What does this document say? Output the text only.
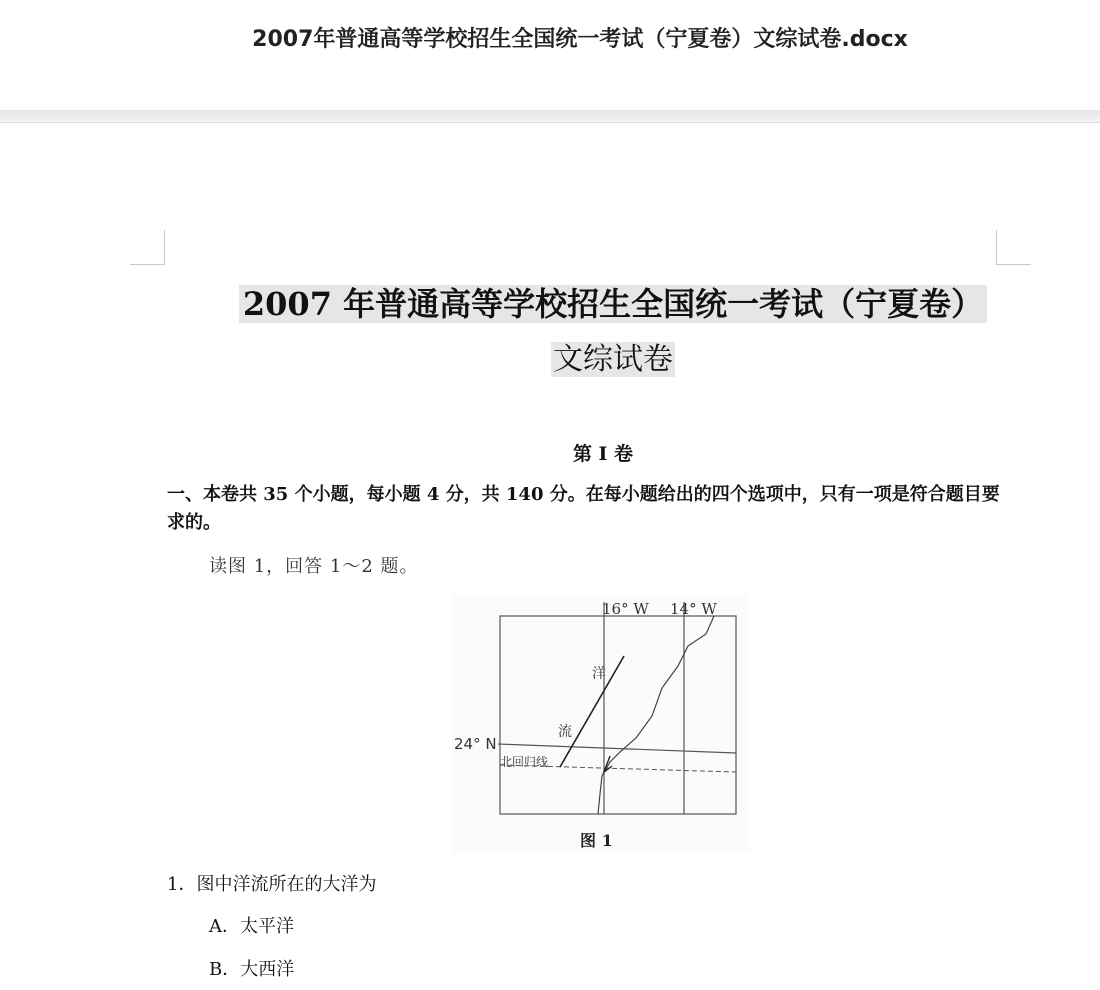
2007年普通高等学校招生全国统一考试（宁夏卷）文综试卷.docx
2007 年普通高等学校招生全国统一考试（宁夏卷）
文综试卷
第 I 卷
一、本卷共 35 个小题，每小题 4 分，共 140 分。在每小题给出的四个选项中，只有一项是符合题目要求的。
读图 1，回答 1～2 题。
16° W 14° W
24° N
洋
流
北回归线
图 1
1．图中洋流所在的大洋为
A．太平洋
B．大西洋
